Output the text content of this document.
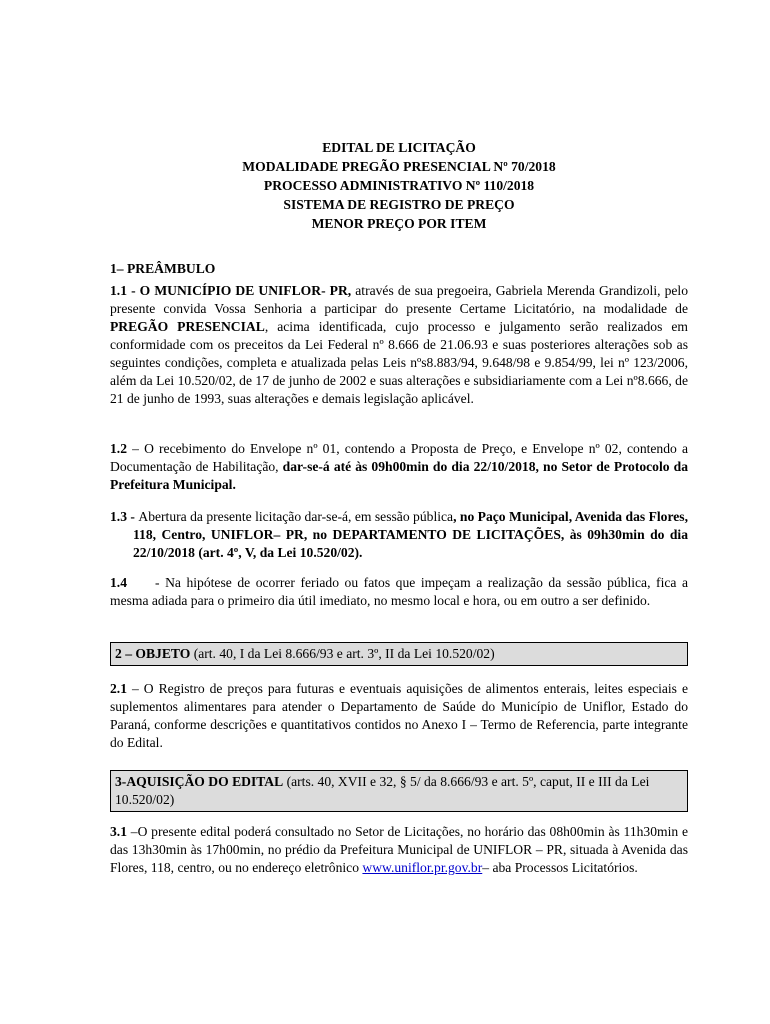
EDITAL DE LICITAÇÃO
MODALIDADE PREGÃO PRESENCIAL Nº 70/2018
PROCESSO ADMINISTRATIVO Nº 110/2018
SISTEMA DE REGISTRO DE PREÇO
MENOR PREÇO POR ITEM
1– PREÂMBULO
1.1 - O MUNICÍPIO DE UNIFLOR- PR, através de sua pregoeira, Gabriela Merenda Grandizoli, pelo presente convida Vossa Senhoria a participar do presente Certame Licitatório, na modalidade de PREGÃO PRESENCIAL, acima identificada, cujo processo e julgamento serão realizados em conformidade com os preceitos da Lei Federal nº 8.666 de 21.06.93 e suas posteriores alterações sob as seguintes condições, completa e atualizada pelas Leis nºs8.883/94, 9.648/98 e 9.854/99, lei nº 123/2006, além da Lei 10.520/02, de 17 de junho de 2002 e suas alterações e subsidiariamente com a Lei nº8.666, de 21 de junho de 1993, suas alterações e demais legislação aplicável.
1.2 – O recebimento do Envelope nº 01, contendo a Proposta de Preço, e Envelope nº 02, contendo a Documentação de Habilitação, dar-se-á até às 09h00min do dia 22/10/2018, no Setor de Protocolo da Prefeitura Municipal.
1.3 - Abertura da presente licitação dar-se-á, em sessão pública, no Paço Municipal, Avenida das Flores, 118, Centro, UNIFLOR– PR, no DEPARTAMENTO DE LICITAÇÕES, às 09h30min do dia 22/10/2018 (art. 4º, V, da Lei 10.520/02).
1.4 - Na hipótese de ocorrer feriado ou fatos que impeçam a realização da sessão pública, fica a mesma adiada para o primeiro dia útil imediato, no mesmo local e hora, ou em outro a ser definido.
2 – OBJETO (art. 40, I da Lei 8.666/93 e art. 3º, II da Lei 10.520/02)
2.1 – O Registro de preços para futuras e eventuais aquisições de alimentos enterais, leites especiais e suplementos alimentares para atender o Departamento de Saúde do Município de Uniflor, Estado do Paraná, conforme descrições e quantitativos contidos no Anexo I – Termo de Referencia, parte integrante do Edital.
3-AQUISIÇÃO DO EDITAL (arts. 40, XVII e 32, § 5/ da 8.666/93 e art. 5º, caput, II e III da Lei 10.520/02)
3.1 –O presente edital poderá consultado no Setor de Licitações, no horário das 08h00min às 11h30min e das 13h30min às 17h00min, no prédio da Prefeitura Municipal de UNIFLOR – PR, situada à Avenida das Flores, 118, centro, ou no endereço eletrônico www.uniflor.pr.gov.br– aba Processos Licitatórios.
